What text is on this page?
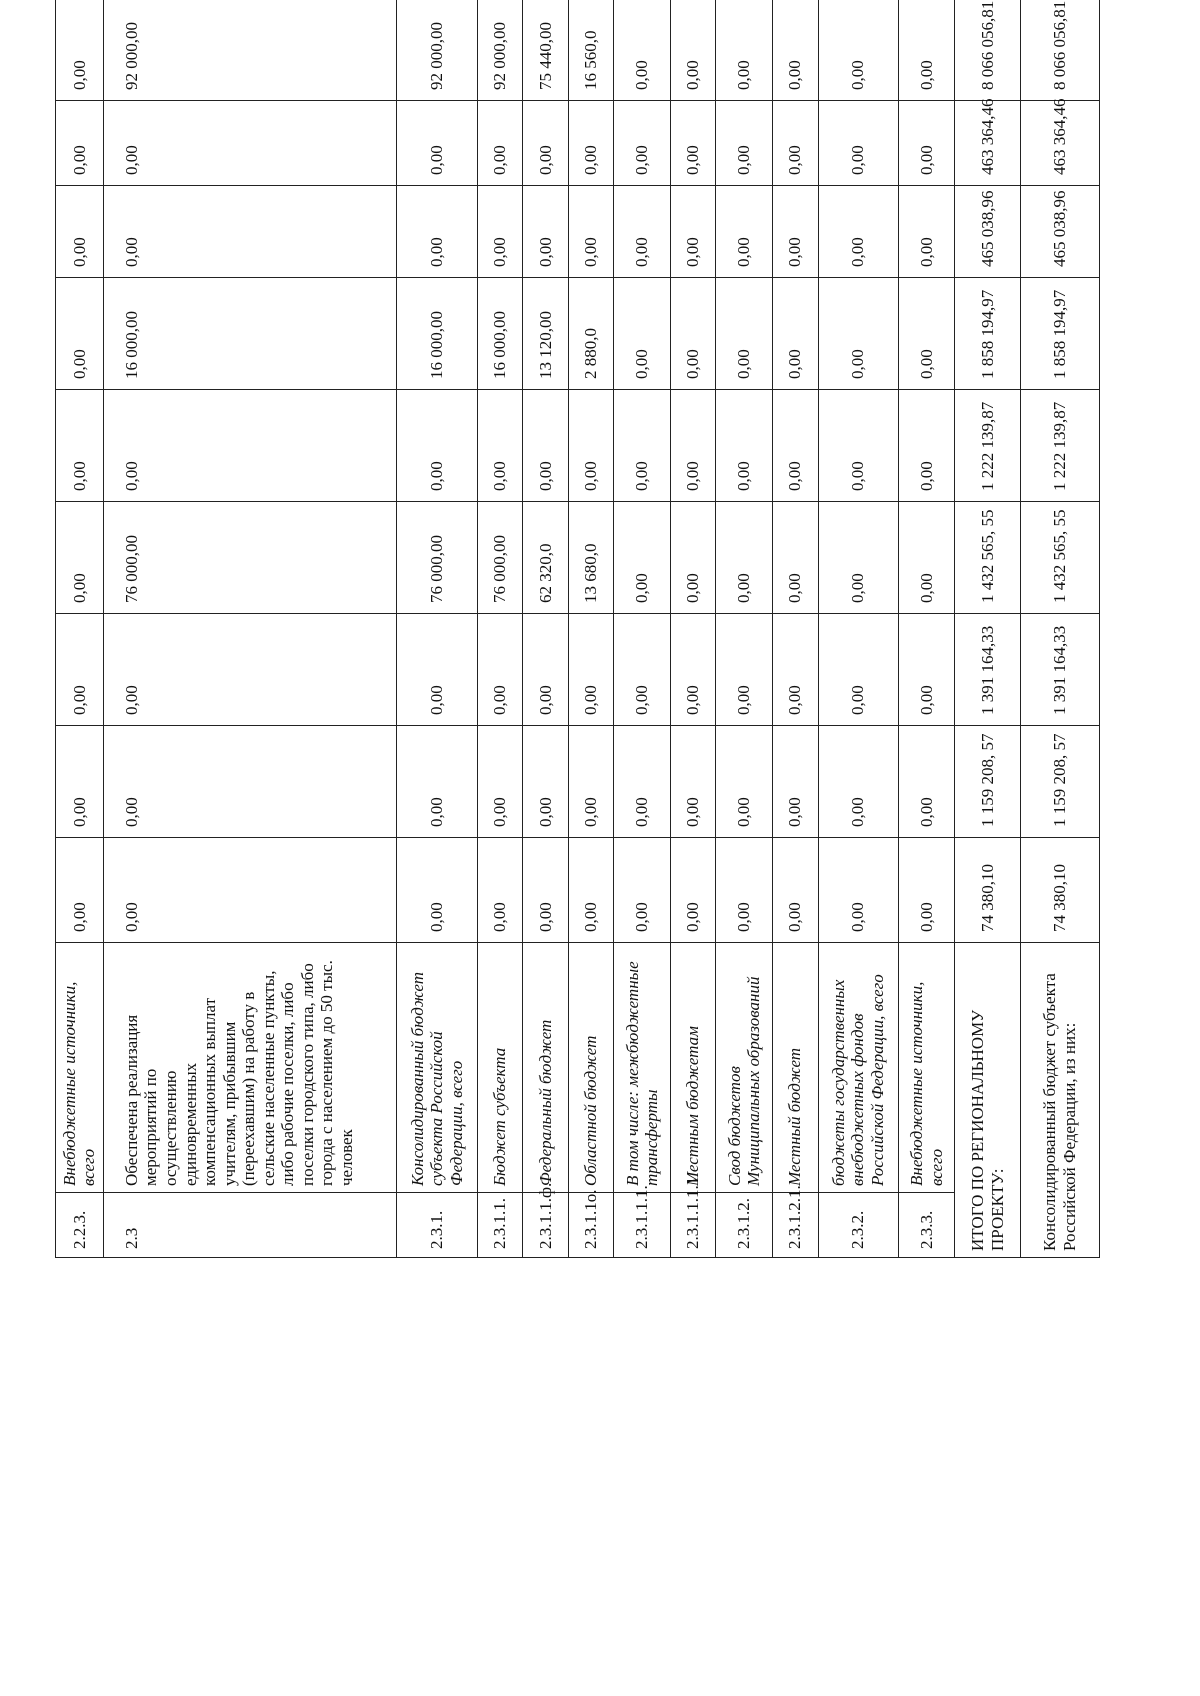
2.2.3.	Внебюджетные источники, всего	0,00	0,00	0,00	0,00	0,00	0,00	0,00	0,00	0,00
2.3	Обеспечена реализация мероприятий по осуществлению единовременных компенсационных выплат учителям, прибывшим (переехавшим) на работу в сельские населенные пункты, либо рабочие поселки, либо поселки городского типа, либо города с населением до 50 тыс. человек	0,00	0,00	0,00	76 000,00	0,00	16 000,00	0,00	0,00	92 000,00
2.3.1.	Консолидированный бюджет субъекта Российской Федерации, всего	0,00	0,00	0,00	76 000,00	0,00	16 000,00	0,00	0,00	92 000,00
2.3.1.1.	Бюджет субъекта	0,00	0,00	0,00	76 000,00	0,00	16 000,00	0,00	0,00	92 000,00
2.3.1.1.ф.	Федеральный бюджет	0,00	0,00	0,00	62 320,0	0,00	13 120,00	0,00	0,00	75 440,00
2.3.1.1о.	Областной бюджет	0,00	0,00	0,00	13 680,0	0,00	2 880,0	0,00	0,00	16 560,0
2.3.1.1.1.	В том числе: межбюджетные трансферты	0,00	0,00	0,00	0,00	0,00	0,00	0,00	0,00	0,00
2.3.1.1.1.1	Местным бюджетам	0,00	0,00	0,00	0,00	0,00	0,00	0,00	0,00	0,00
2.3.1.2.	Свод бюджетов Муниципальных образований	0,00	0,00	0,00	0,00	0,00	0,00	0,00	0,00	0,00
2.3.1.2.1.	Местный бюджет	0,00	0,00	0,00	0,00	0,00	0,00	0,00	0,00	0,00
2.3.2.	бюджеты государственных внебюджетных фондов Российской Федерации, всего	0,00	0,00	0,00	0,00	0,00	0,00	0,00	0,00	0,00
2.3.3.	Внебюджетные источники, всего	0,00	0,00	0,00	0,00	0,00	0,00	0,00	0,00	0,00
ИТОГО ПО РЕГИОНАЛЬНОМУ ПРОЕКТУ:		74 380,10	1 159 208, 57	1 391 164,33	1 432 565, 55	1 222 139,87	1 858 194,97	465 038,96	463 364,46	8 066 056,81
Консолидированный бюджет субъекта Российской Федерации, из них:		74 380,10	1 159 208, 57	1 391 164,33	1 432 565, 55	1 222 139,87	1 858 194,97	465 038,96	463 364,46	8 066 056,81
